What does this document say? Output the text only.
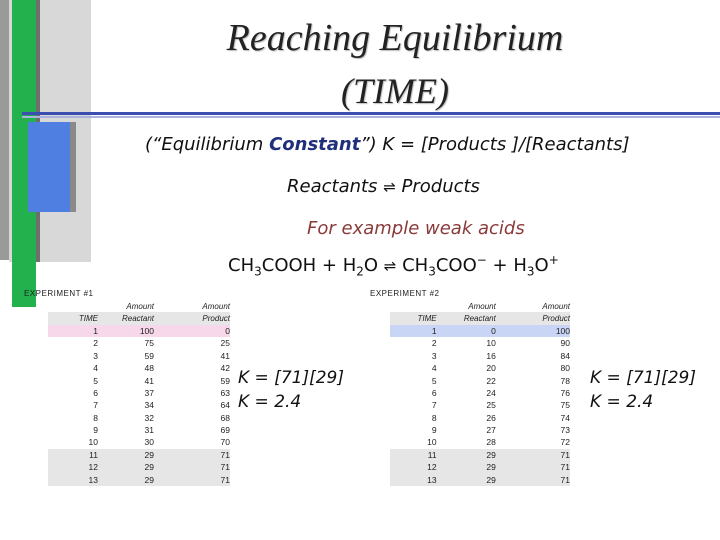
Reaching Equilibrium
(TIME)
(“Equilibrium Constant”) K = [Products ]/[Reactants]
Reactants ⇌ Products
For example weak acids
$CH_3COOH + H_2O$ ⇌ $CH_3COO^- + H_3O^+$
EXPERIMENT #1	EXPERIMENT #2
	Amount	Amount
TIME	Reactant	Product
1	100	0
2	75	25
3	59	41
4	48	42
5	41	59
6	37	63
7	34	64
8	32	68
9	31	69
10	30	70
11	29	71
12	29	71
13	29	71
	Amount	Amount
TIME	Reactant	Product
1	0	100
2	10	90
3	16	84
4	20	80
5	22	78
6	24	76
7	25	75
8	26	74
9	27	73
10	28	72
11	29	71
12	29	71
13	29	71
K = [71][29]
K = 2.4
K = [71][29]
K = 2.4
